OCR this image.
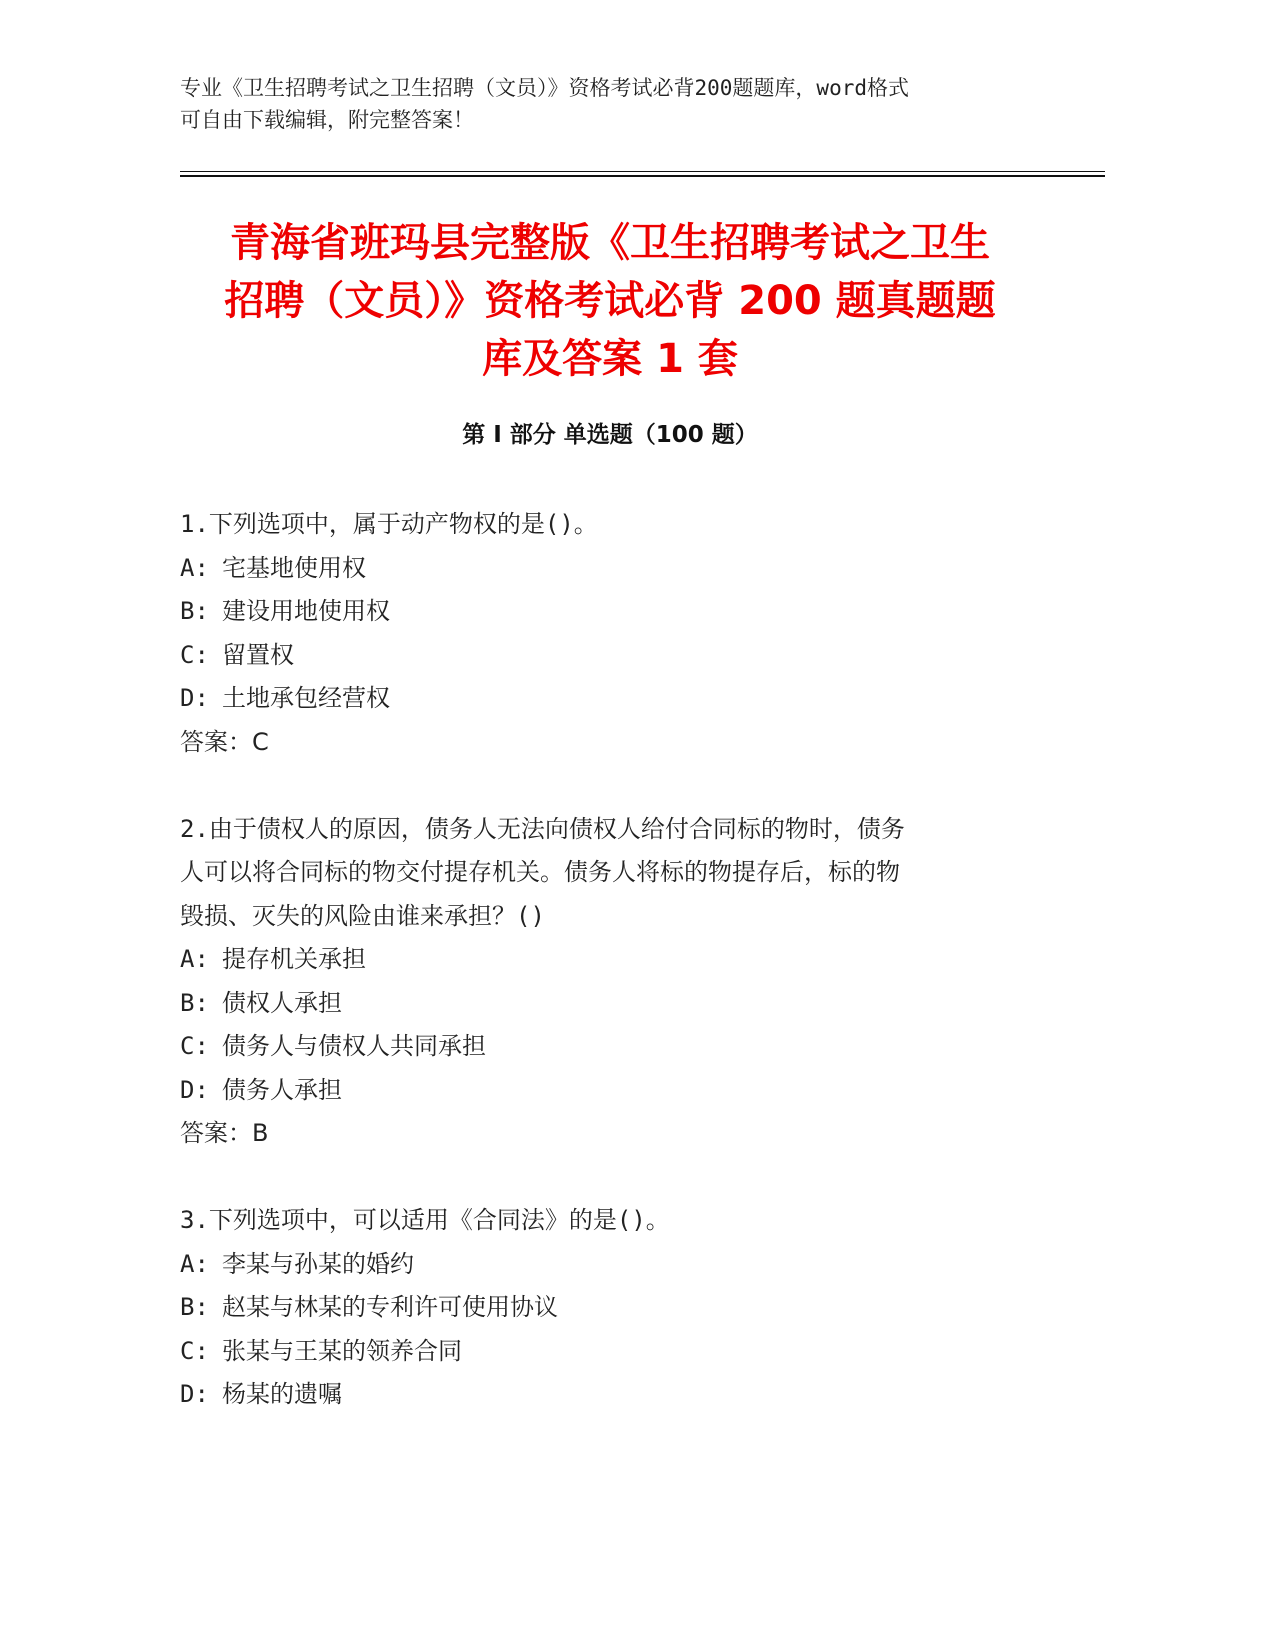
专业《卫生招聘考试之卫生招聘（文员）》资格考试必背200题题库，word格式
可自由下载编辑，附完整答案！
青海省班玛县完整版《卫生招聘考试之卫生
招聘（文员）》资格考试必背 200 题真题题
库及答案 1 套
第 I 部分 单选题（100 题）
1.下列选项中，属于动产物权的是()。
A: 宅基地使用权
B: 建设用地使用权
C: 留置权
D: 土地承包经营权
答案：C
2.由于债权人的原因，债务人无法向债权人给付合同标的物时，债务
人可以将合同标的物交付提存机关。债务人将标的物提存后，标的物
毁损、灭失的风险由谁来承担？()
A: 提存机关承担
B: 债权人承担
C: 债务人与债权人共同承担
D: 债务人承担
答案：B
3.下列选项中，可以适用《合同法》的是()。
A: 李某与孙某的婚约
B: 赵某与林某的专利许可使用协议
C: 张某与王某的领养合同
D: 杨某的遗嘱
